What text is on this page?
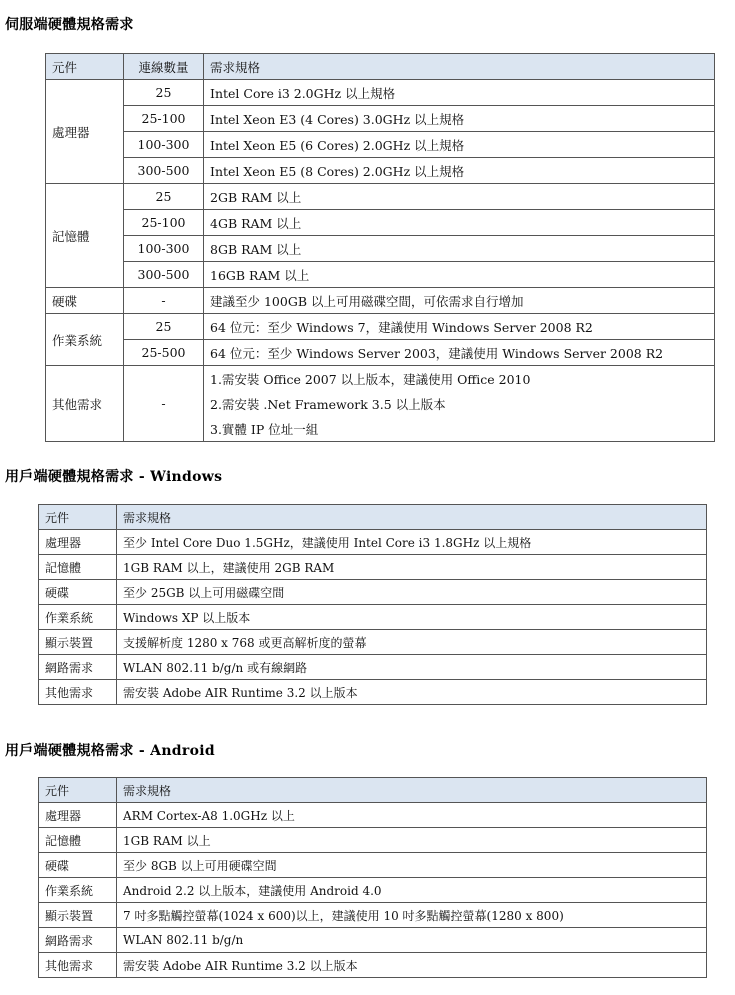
伺服端硬體規格需求
元件	連線數量	需求規格
處理器	25	Intel Core i3 2.0GHz 以上規格
	25-100	Intel Xeon E3 (4 Cores) 3.0GHz 以上規格
	100-300	Intel Xeon E5 (6 Cores) 2.0GHz 以上規格
	300-500	Intel Xeon E5 (8 Cores) 2.0GHz 以上規格
記憶體	25	2GB RAM 以上
	25-100	4GB RAM 以上
	100-300	8GB RAM 以上
	300-500	16GB RAM 以上
硬碟	-	建議至少 100GB 以上可用磁碟空間，可依需求自行增加
作業系統	25	64 位元：至少 Windows 7，建議使用 Windows Server 2008 R2
	25-500	64 位元：至少 Windows Server 2003，建議使用 Windows Server 2008 R2
其他需求	-	1.需安裝 Office 2007 以上版本，建議使用 Office 2010
		2.需安裝 .Net Framework 3.5 以上版本
		3.實體 IP 位址一組
用戶端硬體規格需求 - Windows
元件	需求規格
處理器	至少 Intel Core Duo 1.5GHz，建議使用 Intel Core i3 1.8GHz 以上規格
記憶體	1GB RAM 以上，建議使用 2GB RAM
硬碟	至少 25GB 以上可用磁碟空間
作業系統	Windows XP 以上版本
顯示裝置	支援解析度 1280 x 768 或更高解析度的螢幕
網路需求	WLAN 802.11 b/g/n 或有線網路
其他需求	需安裝 Adobe AIR Runtime 3.2 以上版本
用戶端硬體規格需求 - Android
元件	需求規格
處理器	ARM Cortex-A8 1.0GHz 以上
記憶體	1GB RAM 以上
硬碟	至少 8GB 以上可用硬碟空間
作業系統	Android 2.2 以上版本，建議使用 Android 4.0
顯示裝置	7 吋多點觸控螢幕(1024 x 600)以上，建議使用 10 吋多點觸控螢幕(1280 x 800)
網路需求	WLAN 802.11 b/g/n
其他需求	需安裝 Adobe AIR Runtime 3.2 以上版本
